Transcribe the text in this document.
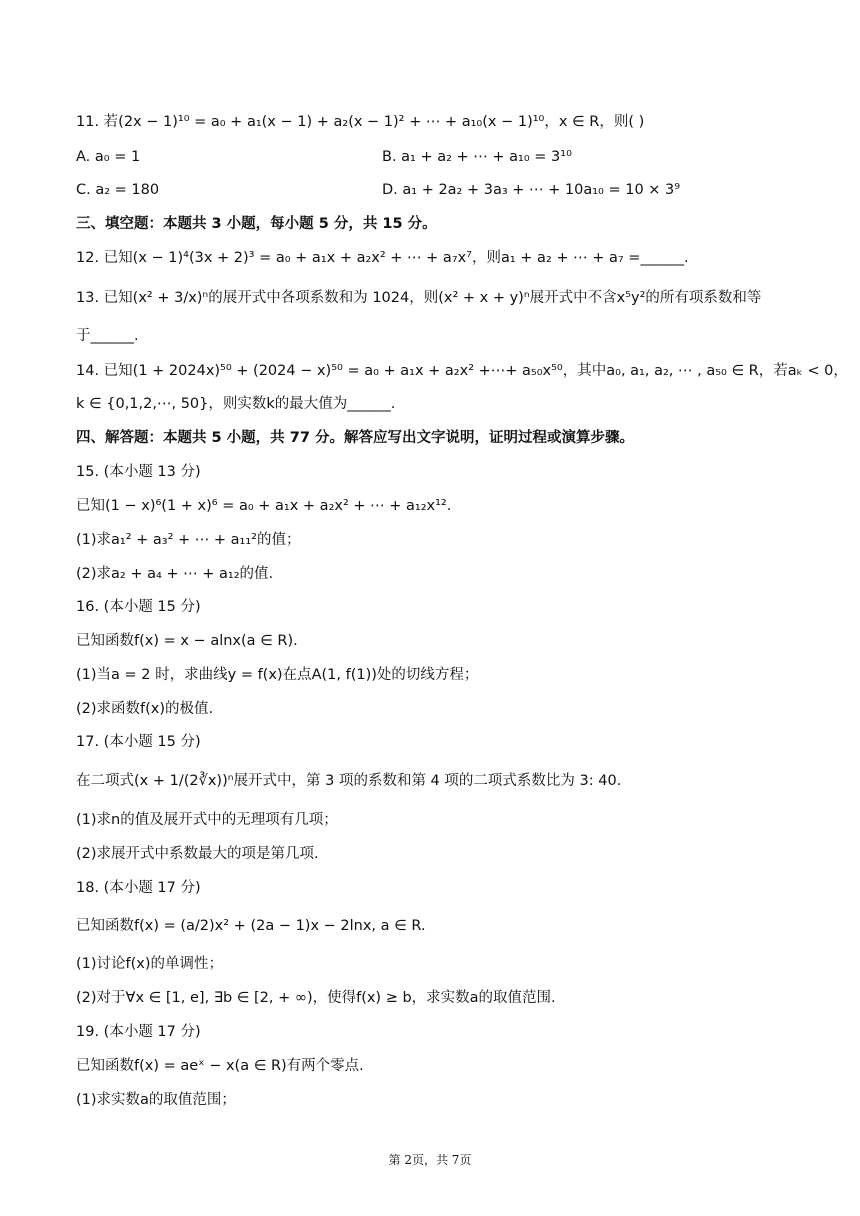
11. 若(2x − 1)¹⁰ = a₀ + a₁(x − 1) + a₂(x − 1)² + ⋯ + a₁₀(x − 1)¹⁰，x ∈ R，则( )
A. a₀ = 1	B. a₁ + a₂ + ⋯ + a₁₀ = 3¹⁰
C. a₂ = 180	D. a₁ + 2a₂ + 3a₃ + ⋯ + 10a₁₀ = 10 × 3⁹
三、填空题：本题共 3 小题，每小题 5 分，共 15 分。
12. 已知(x − 1)⁴(3x + 2)³ = a₀ + a₁x + a₂x² + ⋯ + a₇x⁷，则a₁ + a₂ + ⋯ + a₇ =______.
13. 已知(x² + 3/x)ⁿ的展开式中各项系数和为 1024，则(x² + x + y)ⁿ展开式中不含x⁵y²的所有项系数和等
于______.
14. 已知(1 + 2024x)⁵⁰ + (2024 − x)⁵⁰ = a₀ + a₁x + a₂x² +⋯+ a₅₀x⁵⁰，其中a₀, a₁, a₂, ⋯ , a₅₀ ∈ R，若aₖ < 0，
k ∈ {0,1,2,⋯, 50}，则实数k的最大值为______.
四、解答题：本题共 5 小题，共 77 分。解答应写出文字说明，证明过程或演算步骤。
15. (本小题 13 分)
已知(1 − x)⁶(1 + x)⁶ = a₀ + a₁x + a₂x² + ⋯ + a₁₂x¹².
(1)求a₁² + a₃² + ⋯ + a₁₁²的值；
(2)求a₂ + a₄ + ⋯ + a₁₂的值.
16. (本小题 15 分)
已知函数f(x) = x − alnx(a ∈ R).
(1)当a = 2 时，求曲线y = f(x)在点A(1, f(1))处的切线方程；
(2)求函数f(x)的极值.
17. (本小题 15 分)
在二项式(x + 1/(2∛x))ⁿ展开式中，第 3 项的系数和第 4 项的二项式系数比为 3: 40.
(1)求n的值及展开式中的无理项有几项；
(2)求展开式中系数最大的项是第几项.
18. (本小题 17 分)
已知函数f(x) = (a/2)x² + (2a − 1)x − 2lnx, a ∈ R.
(1)讨论f(x)的单调性；
(2)对于∀x ∈ [1, e], ∃b ∈ [2, + ∞)，使得f(x) ≥ b，求实数a的取值范围.
19. (本小题 17 分)
已知函数f(x) = aeˣ − x(a ∈ R)有两个零点.
(1)求实数a的取值范围；
第 2页，共 7页
